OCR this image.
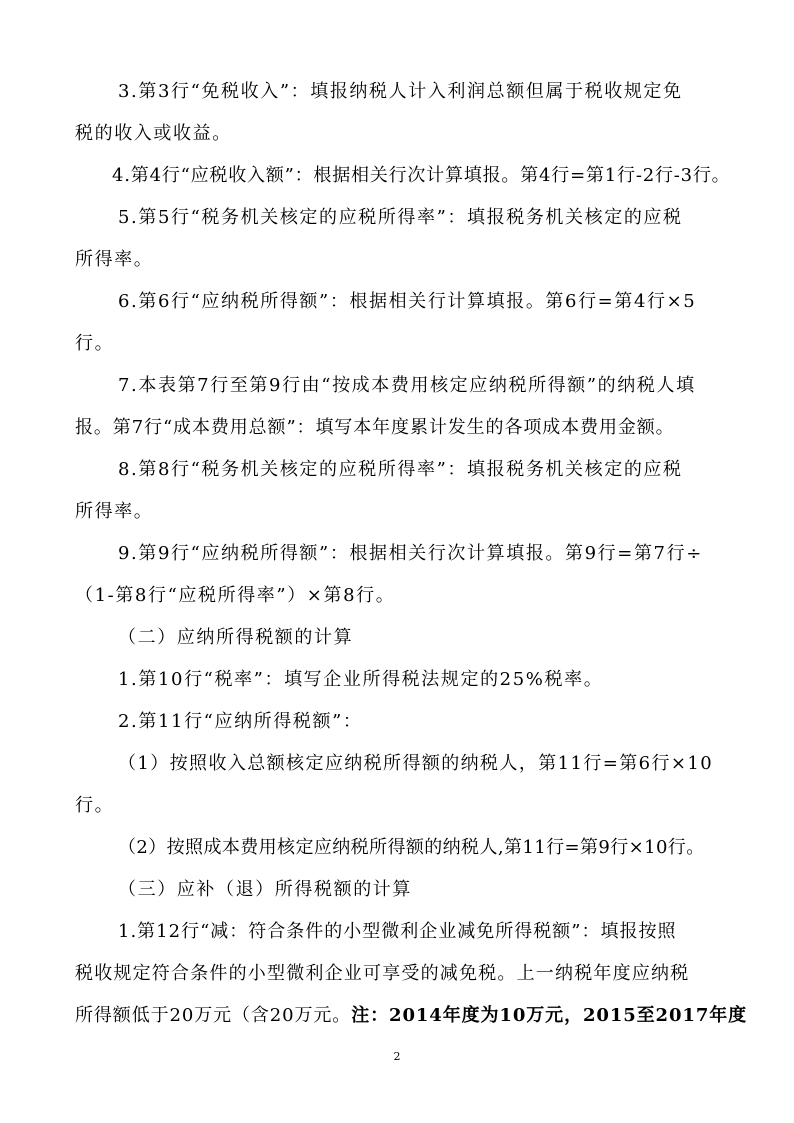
3.第3行“免税收入”：填报纳税人计入利润总额但属于税收规定免
税的收入或收益。
4.第4行“应税收入额”：根据相关行次计算填报。第4行=第1行-2行-3行。
5.第5行“税务机关核定的应税所得率”：填报税务机关核定的应税
所得率。
6.第6行“应纳税所得额”：根据相关行计算填报。第6行=第4行×5
行。
7.本表第7行至第9行由“按成本费用核定应纳税所得额”的纳税人填
报。第7行“成本费用总额”：填写本年度累计发生的各项成本费用金额。
8.第8行“税务机关核定的应税所得率”：填报税务机关核定的应税
所得率。
9.第9行“应纳税所得额”：根据相关行次计算填报。第9行=第7行÷
（1-第8行“应税所得率”）×第8行。
（二）应纳所得税额的计算
1.第10行“税率”：填写企业所得税法规定的25%税率。
2.第11行“应纳所得税额”：
（1）按照收入总额核定应纳税所得额的纳税人，第11行=第6行×10
行。
（2）按照成本费用核定应纳税所得额的纳税人,第11行=第9行×10行。
（三）应补（退）所得税额的计算
1.第12行“减：符合条件的小型微利企业减免所得税额”：填报按照
税收规定符合条件的小型微利企业可享受的减免税。上一纳税年度应纳税
所得额低于20万元（含20万元。注：2014年度为10万元，2015至2017年度
2
